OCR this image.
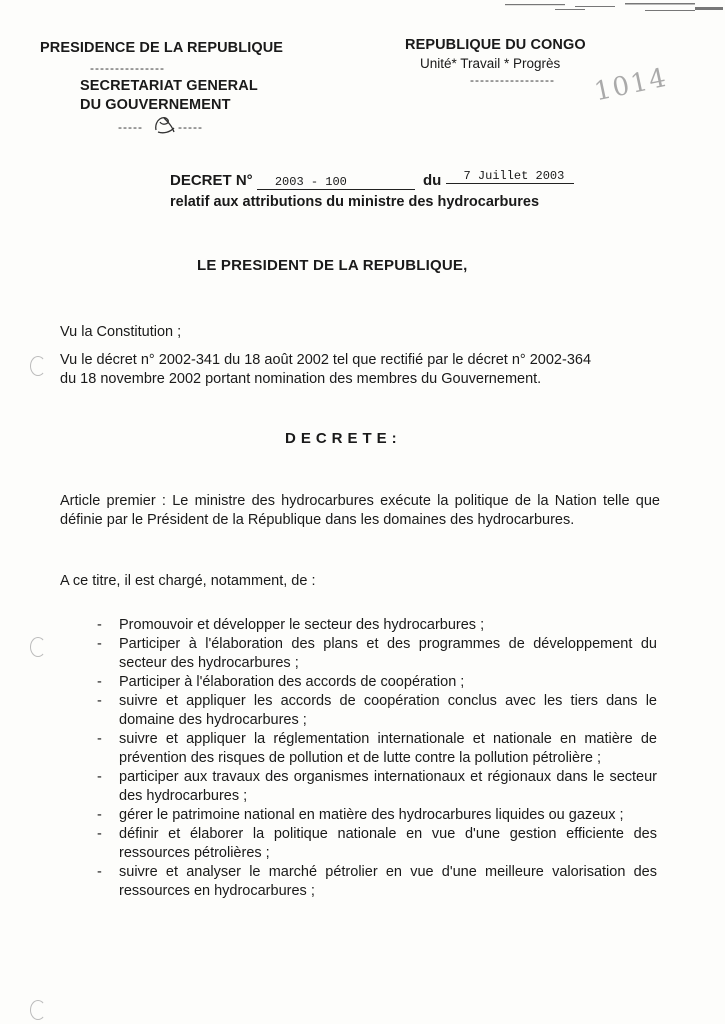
PRESIDENCE DE LA REPUBLIQUE
---------------
SECRETARIAT GENERAL
DU GOUVERNEMENT
-----	-----
REPUBLIQUE DU CONGO
Unité* Travail * Progrès
----------------- 1014
DECRET N° 2003 - 100	du 7 Juillet 2003
relatif aux attributions du ministre des hydrocarbures
LE PRESIDENT DE LA REPUBLIQUE,
Vu la Constitution ;
Vu le décret n° 2002-341 du 18 août 2002 tel que rectifié par le décret n° 2002-364
du 18 novembre 2002 portant nomination des membres du Gouvernement.
DECRETE:
Article premier : Le ministre des hydrocarbures exécute la politique de la Nation telle que définie par le Président de la République dans les domaines des hydrocarbures.
A ce titre, il est chargé, notamment, de :
- Promouvoir et développer le secteur des hydrocarbures ;
- Participer à l'élaboration des plans et des programmes de développement du secteur des hydrocarbures ;
- Participer à l'élaboration des accords de coopération ;
- suivre et appliquer les accords de coopération conclus avec les tiers dans le domaine des hydrocarbures ;
- suivre et appliquer la réglementation internationale et nationale en matière de prévention des risques de pollution et de lutte contre la pollution pétrolière ;
- participer aux travaux des organismes internationaux et régionaux dans le secteur des hydrocarbures ;
- gérer le patrimoine national en matière des hydrocarbures liquides ou gazeux ;
- définir et élaborer la politique nationale en vue d'une gestion efficiente des ressources pétrolières ;
- suivre et analyser le marché pétrolier en vue d'une meilleure valorisation des ressources en hydrocarbures ;
